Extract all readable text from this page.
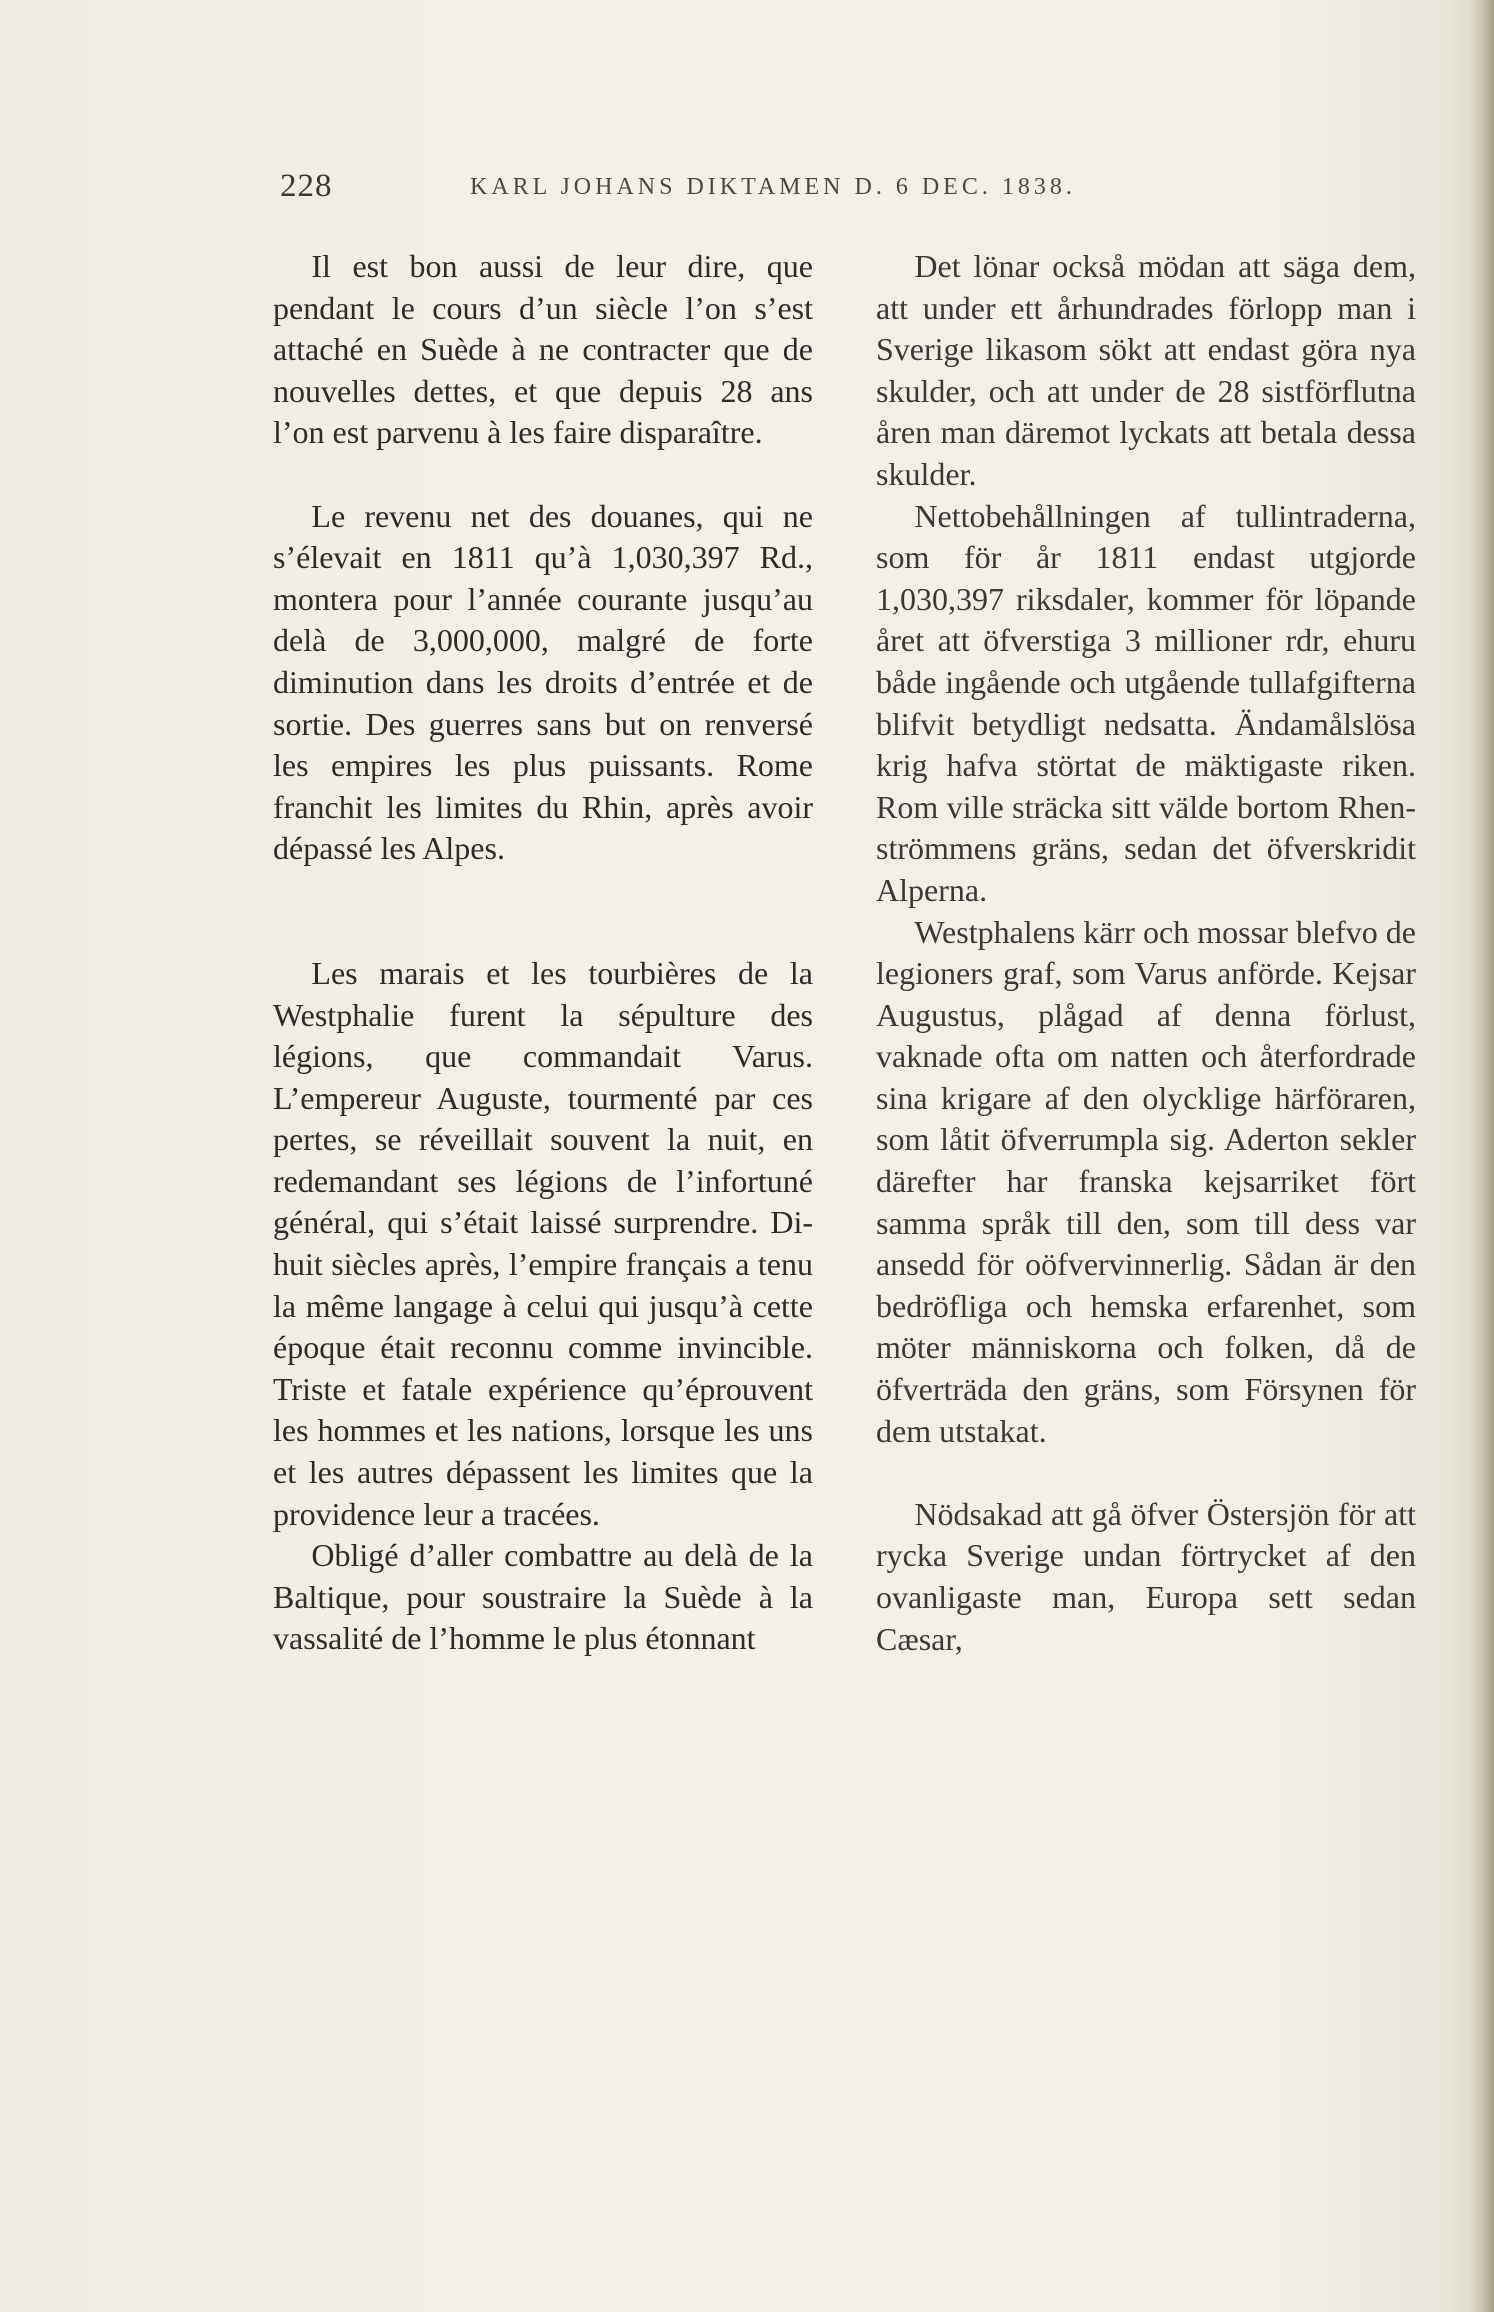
228	KARL JOHANS DIKTAMEN D. 6 DEC. 1838.

Il est bon aussi de leur dire, que pendant le cours d’un siècle l’on s’est attaché en Suède à ne contracter que de nouvelles dettes, et que depuis 28 ans l’on est parvenu à les faire disparaître.

Le revenu net des douanes, qui ne s’élevait en 1811 qu’à 1,030,397 Rd., montera pour l’année courante jusqu’au delà de 3,000,000, malgré de forte diminution dans les droits d’entrée et de sortie. Des guerres sans but on renversé les empires les plus puissants. Rome franchit les limites du Rhin, après avoir dépassé les Alpes.

Les marais et les tourbières de la Westphalie furent la sépulture des légions, que commandait Varus. L’empereur Auguste, tourmenté par ces pertes, se réveillait souvent la nuit, en redemandant ses légions de l’infortuné général, qui s’était laissé surprendre. Di-huit siècles après, l’empire français a tenu la même langage à celui qui jusqu’à cette époque était reconnu comme invincible. Triste et fatale expérience qu’éprouvent les hommes et les nations, lorsque les uns et les autres dépassent les limites que la providence leur a tracées.

Obligé d’aller combattre au delà de la Baltique, pour soustraire la Suède à la vassalité de l’homme le plus étonnant

Det lönar också mödan att säga dem, att under ett århundrades förlopp man i Sverige likasom sökt att endast göra nya skulder, och att under de 28 sistförflutna åren man däremot lyckats att betala dessa skulder.

Nettobehållningen af tullintraderna, som för år 1811 endast utgjorde 1,030,397 riksdaler, kommer för löpande året att öfverstiga 3 millioner rdr, ehuru både ingående och utgående tullafgifterna blifvit betydligt nedsatta. Ändamålslösa krig hafva störtat de mäktigaste riken. Rom ville sträcka sitt välde bortom Rhen-strömmens gräns, sedan det öfverskridit Alperna.

Westphalens kärr och mossar blefvo de legioners graf, som Varus anförde. Kejsar Augustus, plågad af denna förlust, vaknade ofta om natten och återfordrade sina krigare af den olycklige härföraren, som låtit öfverrumpla sig. Aderton sekler därefter har franska kejsarriket fört samma språk till den, som till dess var ansedd för oöfvervinnerlig. Sådan är den bedröfliga och hemska erfarenhet, som möter människorna och folken, då de öfverträda den gräns, som Försynen för dem utstakat.

Nödsakad att gå öfver Östersjön för att rycka Sverige undan förtrycket af den ovanligaste man, Europa sett sedan Cæsar,
